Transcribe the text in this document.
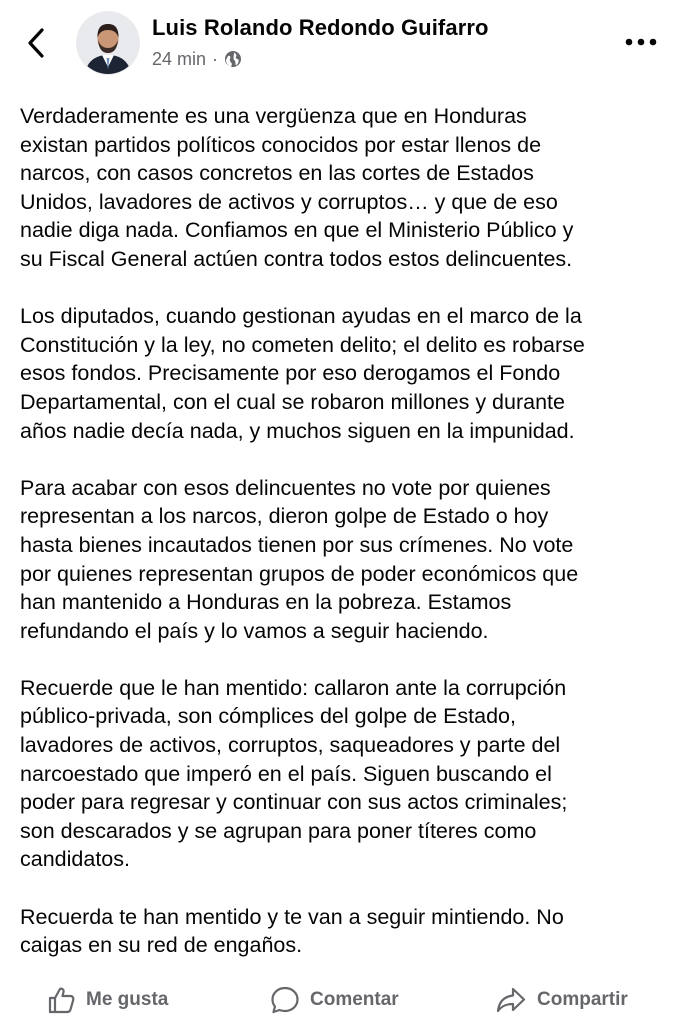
Luis Rolando Redondo Guifarro
24 min ·

Verdaderamente es una vergüenza que en Honduras
existan partidos políticos conocidos por estar llenos de
narcos, con casos concretos en las cortes de Estados
Unidos, lavadores de activos y corruptos… y que de eso
nadie diga nada. Confiamos en que el Ministerio Público y
su Fiscal General actúen contra todos estos delincuentes.

Los diputados, cuando gestionan ayudas en el marco de la
Constitución y la ley, no cometen delito; el delito es robarse
esos fondos. Precisamente por eso derogamos el Fondo
Departamental, con el cual se robaron millones y durante
años nadie decía nada, y muchos siguen en la impunidad.

Para acabar con esos delincuentes no vote por quienes
representan a los narcos, dieron golpe de Estado o hoy
hasta bienes incautados tienen por sus crímenes. No vote
por quienes representan grupos de poder económicos que
han mantenido a Honduras en la pobreza. Estamos
refundando el país y lo vamos a seguir haciendo.

Recuerde que le han mentido: callaron ante la corrupción
público-privada, son cómplices del golpe de Estado,
lavadores de activos, corruptos, saqueadores y parte del
narcoestado que imperó en el país. Siguen buscando el
poder para regresar y continuar con sus actos criminales;
son descarados y se agrupan para poner títeres como
candidatos.

Recuerda te han mentido y te van a seguir mintiendo. No
caigas en su red de engaños.

Me gusta	Comentar	Compartir
